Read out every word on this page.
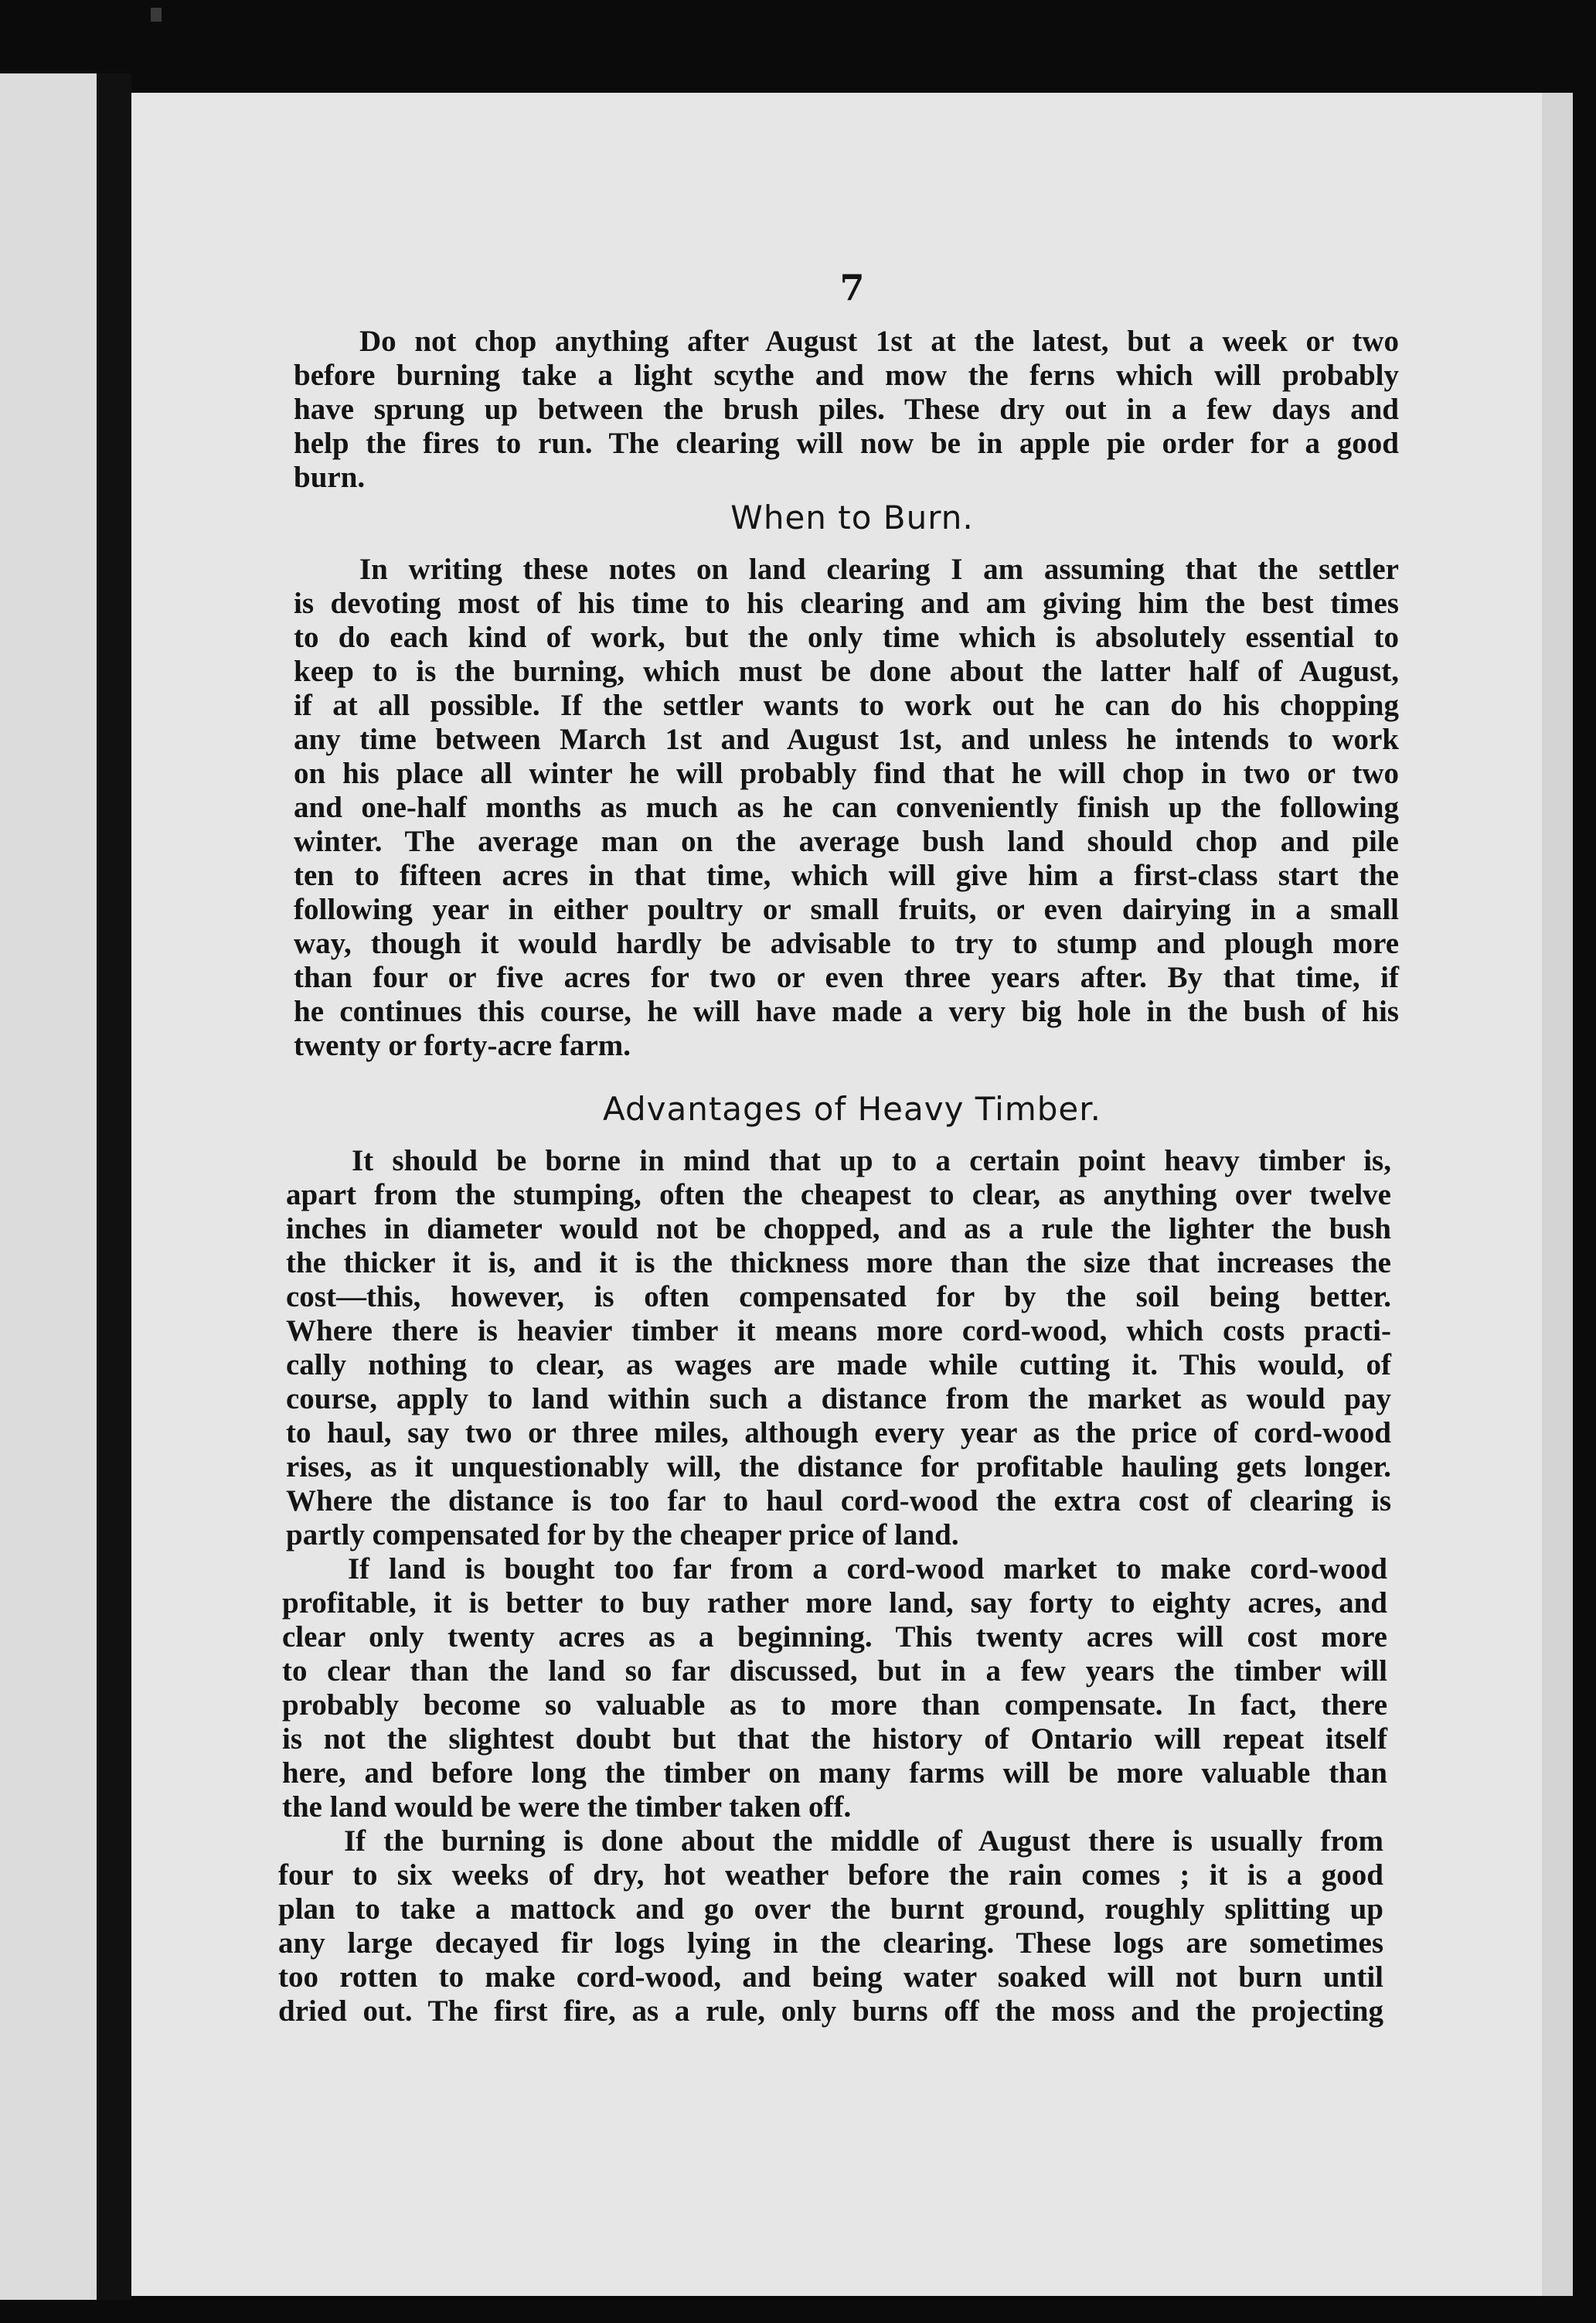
7
Do not chop anything after August 1st at the latest, but a week or two
before burning take a light scythe and mow the ferns which will probably
have sprung up between the brush piles. These dry out in a few days and
help the fires to run. The clearing will now be in apple pie order for a good
burn.
When to Burn.
In writing these notes on land clearing I am assuming that the settler
is devoting most of his time to his clearing and am giving him the best times
to do each kind of work, but the only time which is absolutely essential to
keep to is the burning, which must be done about the latter half of August,
if at all possible. If the settler wants to work out he can do his chopping
any time between March 1st and August 1st, and unless he intends to work
on his place all winter he will probably find that he will chop in two or two
and one-half months as much as he can conveniently finish up the following
winter. The average man on the average bush land should chop and pile
ten to fifteen acres in that time, which will give him a first-class start the
following year in either poultry or small fruits, or even dairying in a small
way, though it would hardly be advisable to try to stump and plough more
than four or five acres for two or even three years after. By that time, if
he continues this course, he will have made a very big hole in the bush of his
twenty or forty-acre farm.
Advantages of Heavy Timber.
It should be borne in mind that up to a certain point heavy timber is,
apart from the stumping, often the cheapest to clear, as anything over twelve
inches in diameter would not be chopped, and as a rule the lighter the bush
the thicker it is, and it is the thickness more than the size that increases the
cost—this, however, is often compensated for by the soil being better.
Where there is heavier timber it means more cord-wood, which costs practi-
cally nothing to clear, as wages are made while cutting it. This would, of
course, apply to land within such a distance from the market as would pay
to haul, say two or three miles, although every year as the price of cord-wood
rises, as it unquestionably will, the distance for profitable hauling gets longer.
Where the distance is too far to haul cord-wood the extra cost of clearing is
partly compensated for by the cheaper price of land.
If land is bought too far from a cord-wood market to make cord-wood
profitable, it is better to buy rather more land, say forty to eighty acres, and
clear only twenty acres as a beginning. This twenty acres will cost more
to clear than the land so far discussed, but in a few years the timber will
probably become so valuable as to more than compensate. In fact, there
is not the slightest doubt but that the history of Ontario will repeat itself
here, and before long the timber on many farms will be more valuable than
the land would be were the timber taken off.
If the burning is done about the middle of August there is usually from
four to six weeks of dry, hot weather before the rain comes ; it is a good
plan to take a mattock and go over the burnt ground, roughly splitting up
any large decayed fir logs lying in the clearing. These logs are sometimes
too rotten to make cord-wood, and being water soaked will not burn until
dried out. The first fire, as a rule, only burns off the moss and the projecting
